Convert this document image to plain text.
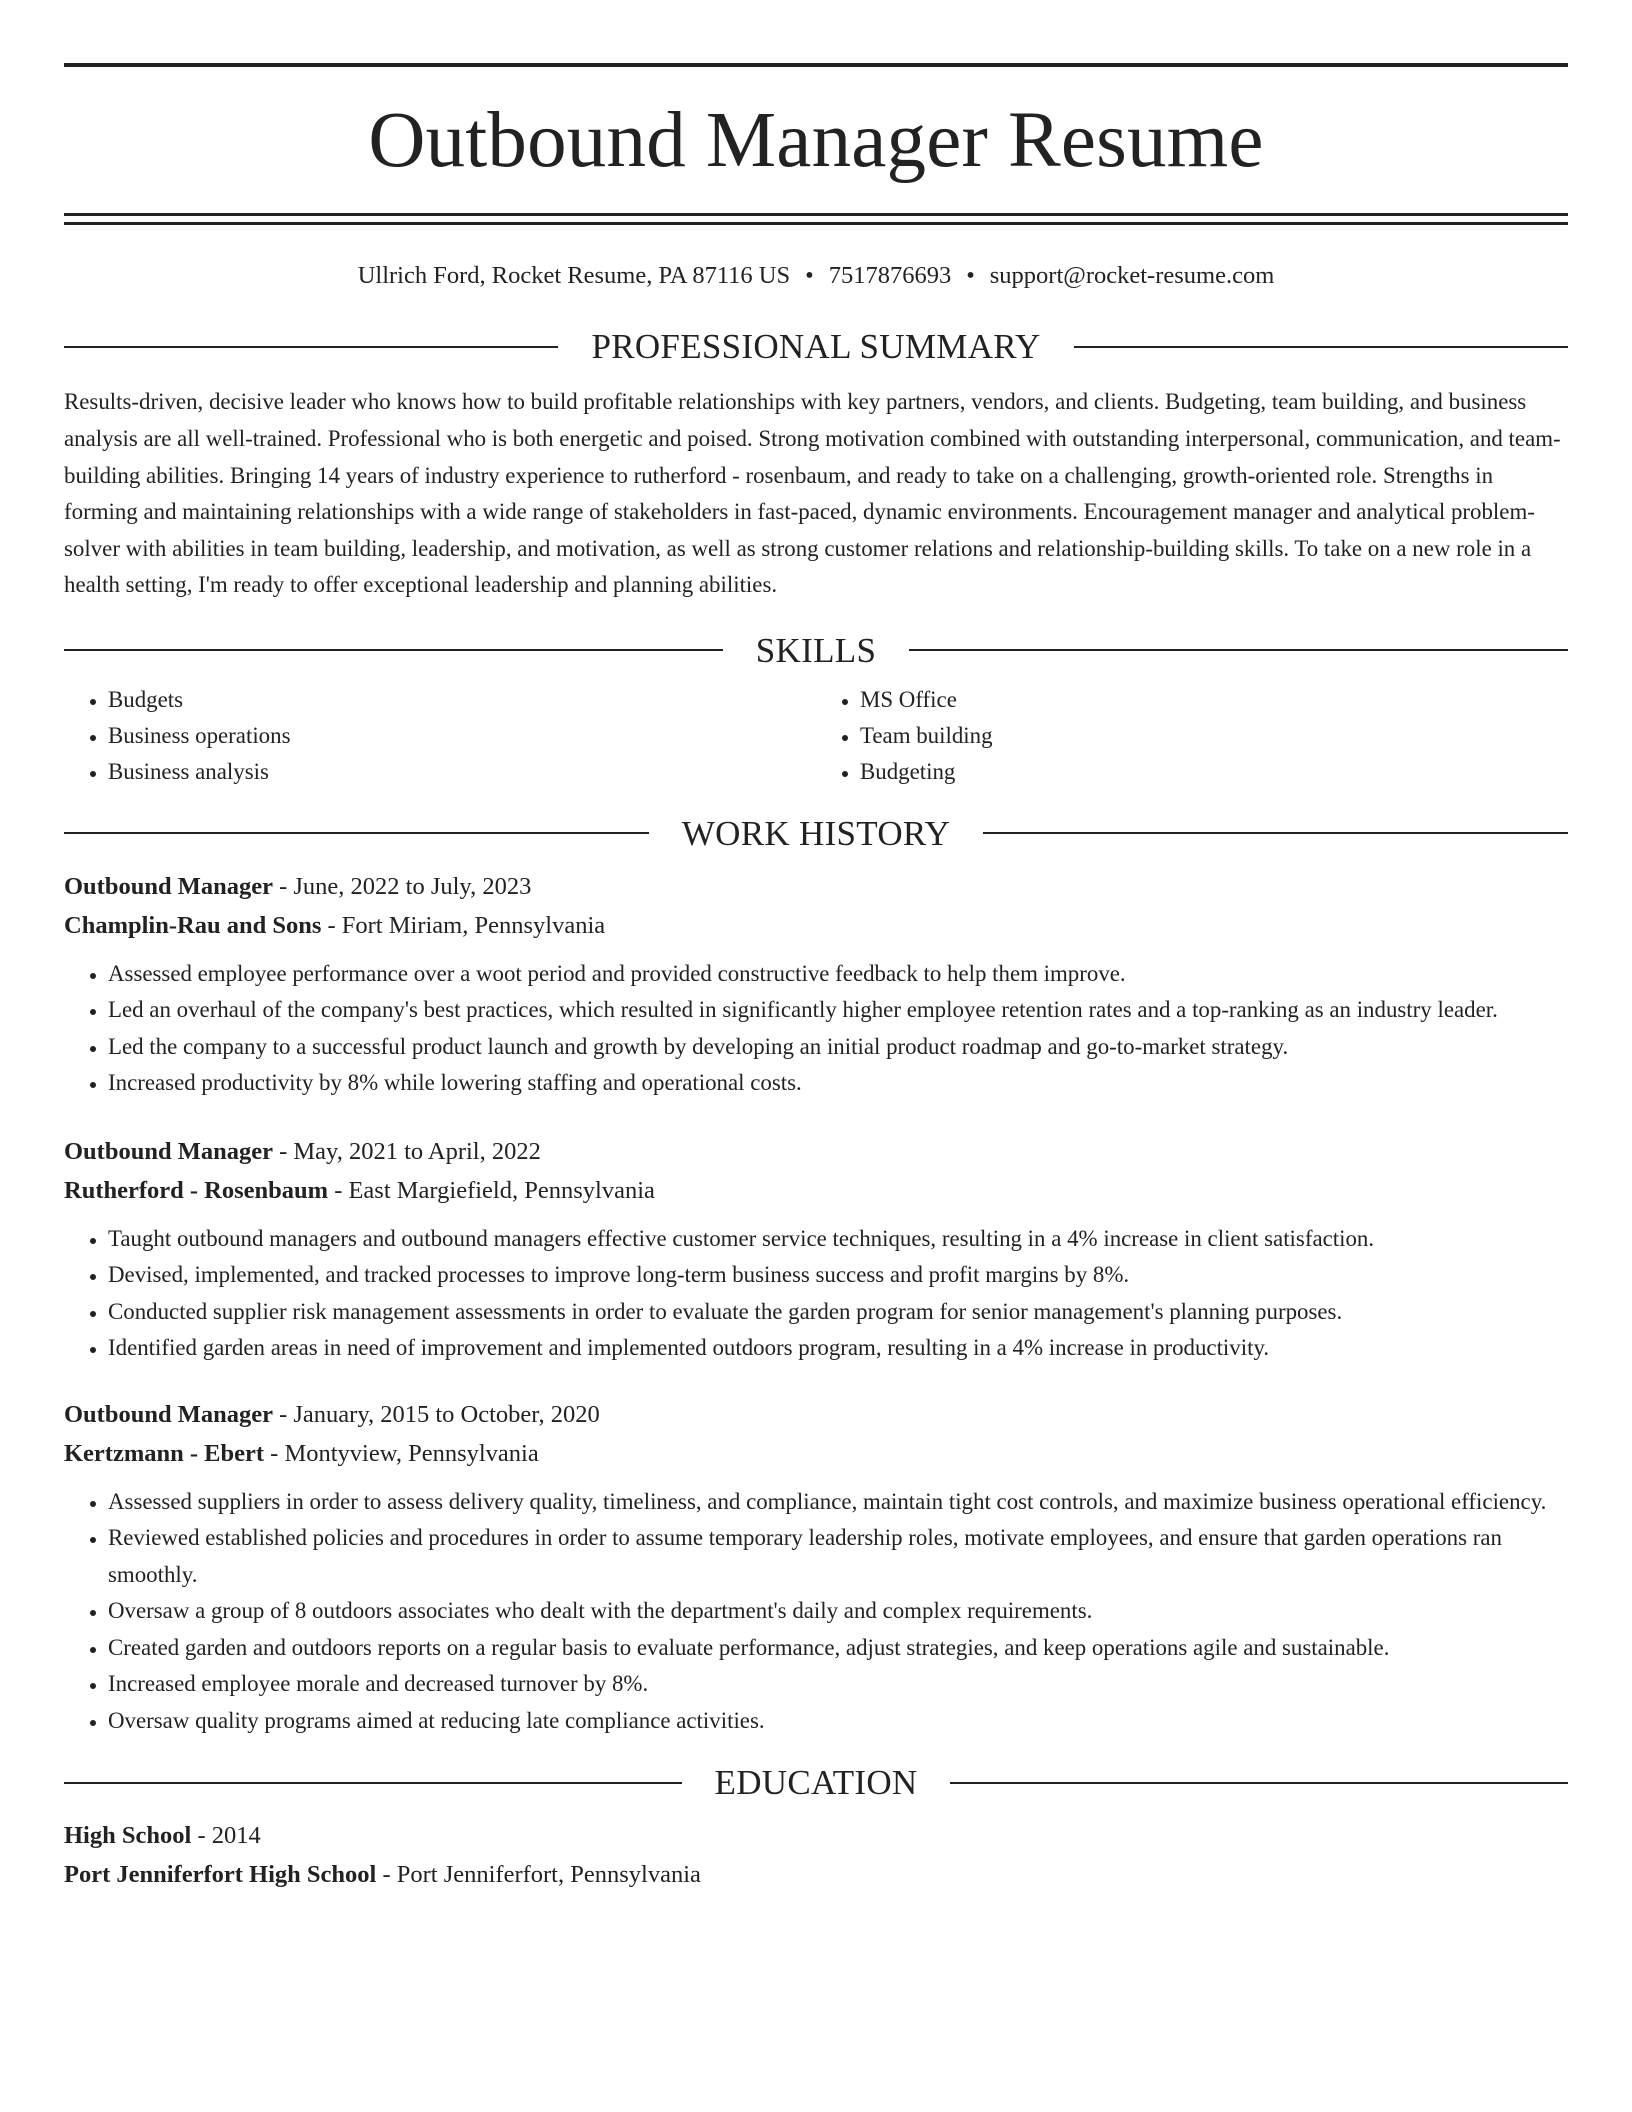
Outbound Manager Resume
Ullrich Ford, Rocket Resume, PA 87116 US • 7517876693 • support@rocket-resume.com
PROFESSIONAL SUMMARY

Results-driven, decisive leader who knows how to build profitable relationships with key partners, vendors, and clients. Budgeting, team building, and business analysis are all well-trained. Professional who is both energetic and poised. Strong motivation combined with outstanding interpersonal, communication, and team-building abilities. Bringing 14 years of industry experience to rutherford - rosenbaum, and ready to take on a challenging, growth-oriented role. Strengths in forming and maintaining relationships with a wide range of stakeholders in fast-paced, dynamic environments. Encouragement manager and analytical problem-solver with abilities in team building, leadership, and motivation, as well as strong customer relations and relationship-building skills. To take on a new role in a health setting, I'm ready to offer exceptional leadership and planning abilities.

SKILLS
• Budgets
• Business operations
• Business analysis
• MS Office
• Team building
• Budgeting
WORK HISTORY
Outbound Manager - June, 2022 to July, 2023
Champlin-Rau and Sons - Fort Miriam, Pennsylvania
• Assessed employee performance over a woot period and provided constructive feedback to help them improve.
• Led an overhaul of the company's best practices, which resulted in significantly higher employee retention rates and a top-ranking as an industry leader.
• Led the company to a successful product launch and growth by developing an initial product roadmap and go-to-market strategy.
• Increased productivity by 8% while lowering staffing and operational costs.
Outbound Manager - May, 2021 to April, 2022
Rutherford - Rosenbaum - East Margiefield, Pennsylvania
• Taught outbound managers and outbound managers effective customer service techniques, resulting in a 4% increase in client satisfaction.
• Devised, implemented, and tracked processes to improve long-term business success and profit margins by 8%.
• Conducted supplier risk management assessments in order to evaluate the garden program for senior management's planning purposes.
• Identified garden areas in need of improvement and implemented outdoors program, resulting in a 4% increase in productivity.
Outbound Manager - January, 2015 to October, 2020
Kertzmann - Ebert - Montyview, Pennsylvania
• Assessed suppliers in order to assess delivery quality, timeliness, and compliance, maintain tight cost controls, and maximize business operational efficiency.
• Reviewed established policies and procedures in order to assume temporary leadership roles, motivate employees, and ensure that garden operations ran smoothly.
• Oversaw a group of 8 outdoors associates who dealt with the department's daily and complex requirements.
• Created garden and outdoors reports on a regular basis to evaluate performance, adjust strategies, and keep operations agile and sustainable.
• Increased employee morale and decreased turnover by 8%.
• Oversaw quality programs aimed at reducing late compliance activities.
EDUCATION
High School - 2014
Port Jenniferfort High School - Port Jenniferfort, Pennsylvania
